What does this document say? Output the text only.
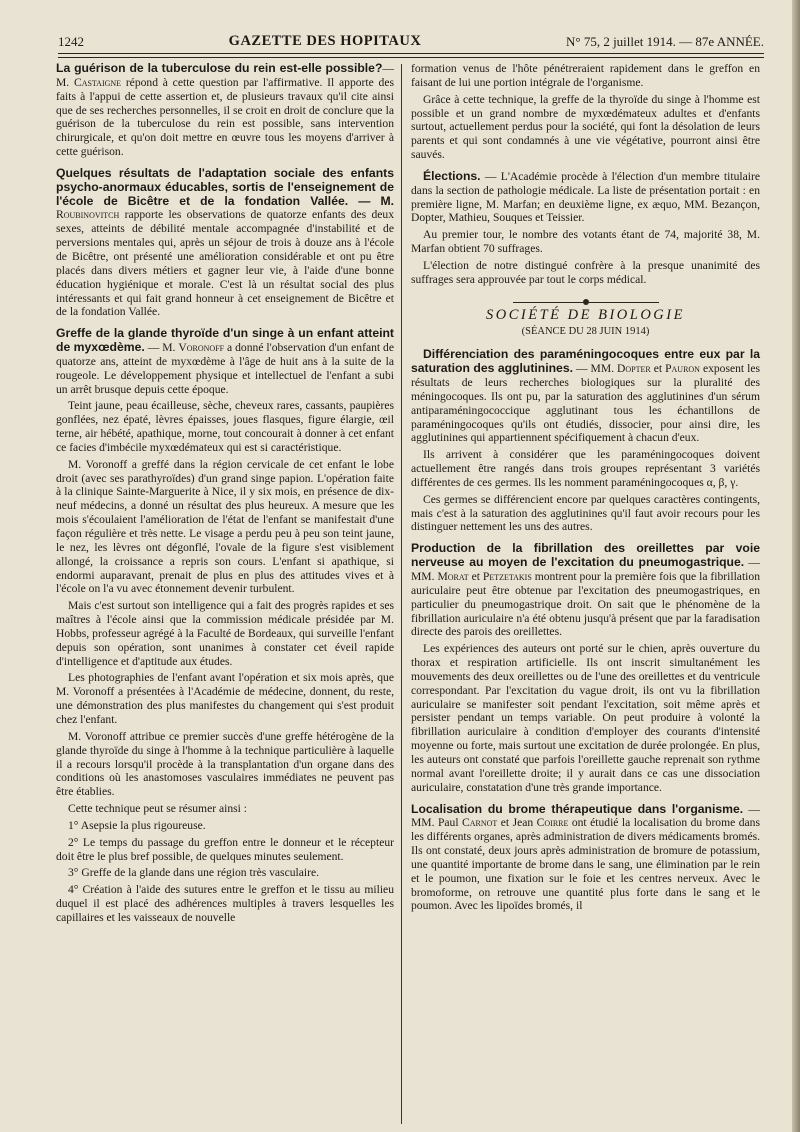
1242	GAZETTE DES HOPITAUX	N° 75, 2 juillet 1914. — 87e ANNÉE.

La guérison de la tuberculose du rein est-elle possible?— M. Castaigne répond à cette question par l'affirmative. Il apporte des faits à l'appui de cette assertion et, de plusieurs travaux qu'il cite ainsi que de ses recherches personnelles, il se croit en droit de conclure que la guérison de la tuberculose du rein est possible, sans intervention chirurgicale, et qu'on doit mettre en œuvre tous les moyens d'arriver à cette guérison.

Quelques résultats de l'adaptation sociale des enfants psycho-anormaux éducables, sortis de l'enseignement de l'école de Bicêtre et de la fondation Vallée. — M. Roubinovitch rapporte les observations de quatorze enfants des deux sexes, atteints de débilité mentale accompagnée d'instabilité et de perversions mentales qui, après un séjour de trois à douze ans à l'école de Bicêtre, ont présenté une amélioration considérable et ont pu être placés dans divers métiers et gagner leur vie, à l'aide d'une bonne éducation hygiénique et morale. C'est là un résultat social des plus intéressants et qui fait grand honneur à cet enseignement de Bicêtre et de la fondation Vallée.

Greffe de la glande thyroïde d'un singe à un enfant atteint de myxœdème. — M. Voronoff a donné l'observation d'un enfant de quatorze ans, atteint de myxœdème à l'âge de huit ans à la suite de la rougeole. Le développement physique et intellectuel de l'enfant a subi un arrêt brusque depuis cette époque.

Teint jaune, peau écailleuse, sèche, cheveux rares, cassants, paupières gonflées, nez épaté, lèvres épaisses, joues flasques, figure élargie, œil terne, air hébété, apathique, morne, tout concourait à donner à cet enfant ce facies d'imbécile myxœdémateux qui est si caractéristique.

M. Voronoff a greffé dans la région cervicale de cet enfant le lobe droit (avec ses parathyroïdes) d'un grand singe papion. L'opération faite à la clinique Sainte-Marguerite à Nice, il y six mois, en présence de dix-neuf médecins, a donné un résultat des plus heureux. A mesure que les mois s'écoulaient l'amélioration de l'état de l'enfant se manifestait d'une façon régulière et très nette. Le visage a perdu peu à peu son teint jaune, le nez, les lèvres ont dégonflé, l'ovale de la figure s'est visiblement allongé, la croissance a repris son cours. L'enfant si apathique, si endormi auparavant, prenait de plus en plus des attitudes vives et à l'école on l'a vu avec étonnement devenir turbulent.

Mais c'est surtout son intelligence qui a fait des progrès rapides et ses maîtres à l'école ainsi que la commission médicale présidée par M. Hobbs, professeur agrégé à la Faculté de Bordeaux, qui surveille l'enfant depuis son opération, sont unanimes à constater cet éveil rapide d'intelligence et d'aptitude aux études.

Les photographies de l'enfant avant l'opération et six mois après, que M. Voronoff a présentées à l'Académie de médecine, donnent, du reste, une démonstration des plus manifestes du changement qui s'est produit chez l'enfant.

M. Voronoff attribue ce premier succès d'une greffe hétérogène de la glande thyroïde du singe à l'homme à la technique particulière à laquelle il a recours lorsqu'il procède à la transplantation d'un organe dans des conditions où les anastomoses vasculaires immédiates ne peuvent pas être établies.

Cette technique peut se résumer ainsi :

1° Asepsie la plus rigoureuse.

2° Le temps du passage du greffon entre le donneur et le récepteur doit être le plus bref possible, de quelques minutes seulement.

3° Greffe de la glande dans une région très vasculaire.

4° Création à l'aide des sutures entre le greffon et le tissu au milieu duquel il est placé des adhérences multiples à travers lesquelles les capillaires et les vaisseaux de nouvelle

formation venus de l'hôte pénétreraient rapidement dans le greffon en faisant de lui une portion intégrale de l'organisme.

Grâce à cette technique, la greffe de la thyroïde du singe à l'homme est possible et un grand nombre de myxœdémateux adultes et d'enfants surtout, actuellement perdus pour la société, qui font la désolation de leurs parents et qui sont condamnés à une vie végétative, pourront ainsi être sauvés.

Élections. — L'Académie procède à l'élection d'un membre titulaire dans la section de pathologie médicale. La liste de présentation portait : en première ligne, M. Marfan; en deuxième ligne, ex æquo, MM. Bezançon, Dopter, Mathieu, Souques et Teissier.

Au premier tour, le nombre des votants étant de 74, majorité 38, M. Marfan obtient 70 suffrages.

L'élection de notre distingué confrère à la presque unanimité des suffrages sera approuvée par tout le corps médical.

SOCIÉTÉ DE BIOLOGIE
(SÉANCE DU 28 JUIN 1914)

Différenciation des paraméningocoques entre eux par la saturation des agglutinines. — MM. Dopter et Pauron exposent les résultats de leurs recherches biologiques sur la pluralité des méningocoques. Ils ont pu, par la saturation des agglutinines d'un sérum antiparaméningococcique agglutinant tous les échantillons de paraméningocoques qu'ils ont étudiés, dissocier, pour ainsi dire, les agglutinines qui appartiennent spécifiquement à chacun d'eux.

Ils arrivent à considérer que les paraméningocoques doivent actuellement être rangés dans trois groupes représentant 3 variétés différentes de ces germes. Ils les nomment paraméningocoques α, β, γ.

Ces germes se différencient encore par quelques caractères contingents, mais c'est à la saturation des agglutinines qu'il faut avoir recours pour les distinguer nettement les uns des autres.

Production de la fibrillation des oreillettes par voie nerveuse au moyen de l'excitation du pneumogastrique. — MM. Morat et Petzetakis montrent pour la première fois que la fibrillation auriculaire peut être obtenue par l'excitation des pneumogastriques, en particulier du pneumogastrique droit. On sait que le phénomène de la fibrillation auriculaire n'a été obtenu jusqu'à présent que par la faradisation directe des parois des oreillettes.

Les expériences des auteurs ont porté sur le chien, après ouverture du thorax et respiration artificielle. Ils ont inscrit simultanément les mouvements des deux oreillettes ou de l'une des oreillettes et du ventricule correspondant. Par l'excitation du vague droit, ils ont vu la fibrillation auriculaire se manifester soit pendant l'excitation, soit même après et persister pendant un temps variable. On peut produire à volonté la fibrillation auriculaire à condition d'employer des courants d'intensité moyenne ou forte, mais surtout une excitation de durée prolongée. En plus, les auteurs ont constaté que parfois l'oreillette gauche reprenait son rythme normal avant l'oreillette droite; il y aurait dans ce cas une dissociation auriculaire, constatation d'une très grande importance.

Localisation du brome thérapeutique dans l'organisme. — MM. Paul Carnot et Jean Coirre ont étudié la localisation du brome dans les différents organes, après administration de divers médicaments bromés. Ils ont constaté, deux jours après administration de bromure de potassium, une quantité importante de brome dans le sang, une élimination par le rein et le poumon, une fixation sur le foie et les centres nerveux. Avec le bromoforme, on retrouve une quantité plus forte dans le sang et le poumon. Avec les lipoïdes bromés, il
